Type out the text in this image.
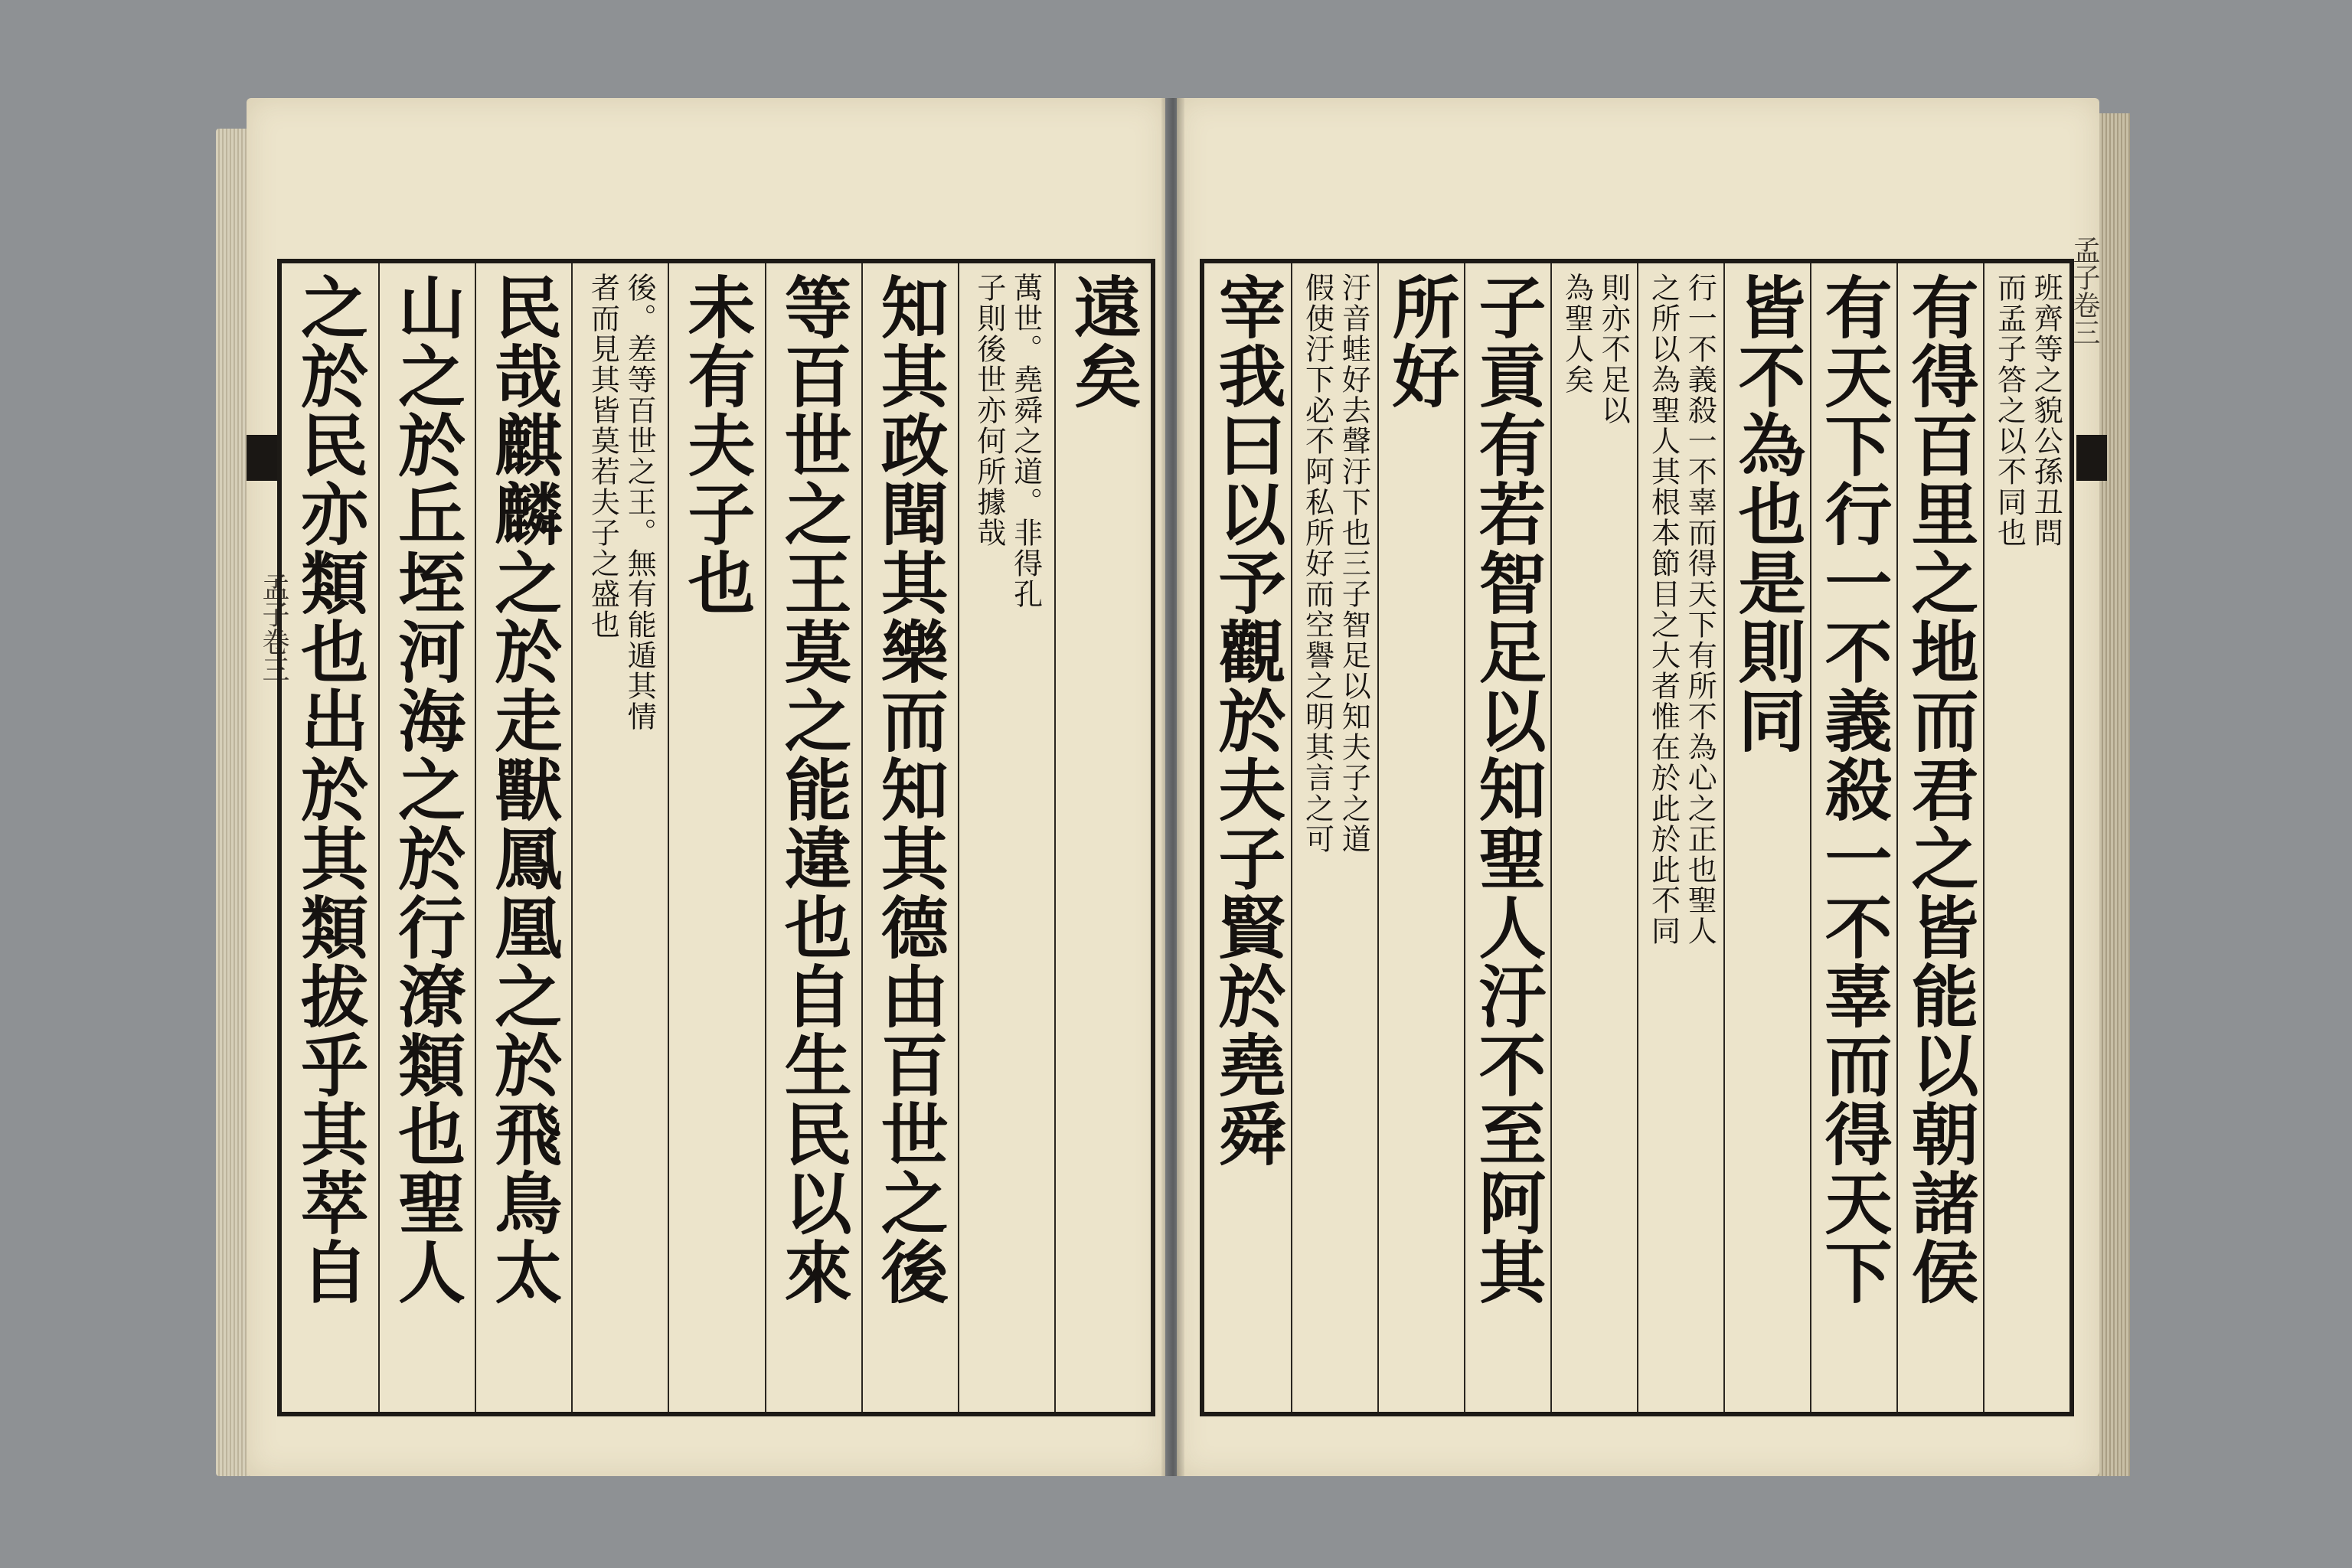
孟子卷三
孟子卷三
遠矣
萬世。堯舜之道。非得孔
子則後世亦何所據哉
知其政聞其樂而知其德由百世之後
等百世之王莫之能違也自生民以來
未有夫子也
後。差等百世之王。無有能遁其情
者而見其皆莫若夫子之盛也
民哉麒麟之於走獸鳳凰之於飛鳥太
山之於丘垤河海之於行潦類也聖人
之於民亦類也出於其類拔乎其萃自	班齊等之貌公孫丑問
而孟子答之以不同也
有得百里之地而君之皆能以朝諸侯
有天下行一不義殺一不辜而得天下
皆不為也是則同
行一不義殺一不辜而得天下有所不為心之正也聖人
之所以為聖人其根本節目之大者惟在於此於此不同
則亦不足以
為聖人矣
子貢有若智足以知聖人汙不至阿其
所好
汙音蛙好去聲汙下也三子智足以知夫子之道
假使汙下必不阿私所好而空譽之明其言之可
宰我曰以予觀於夫子賢於堯舜
